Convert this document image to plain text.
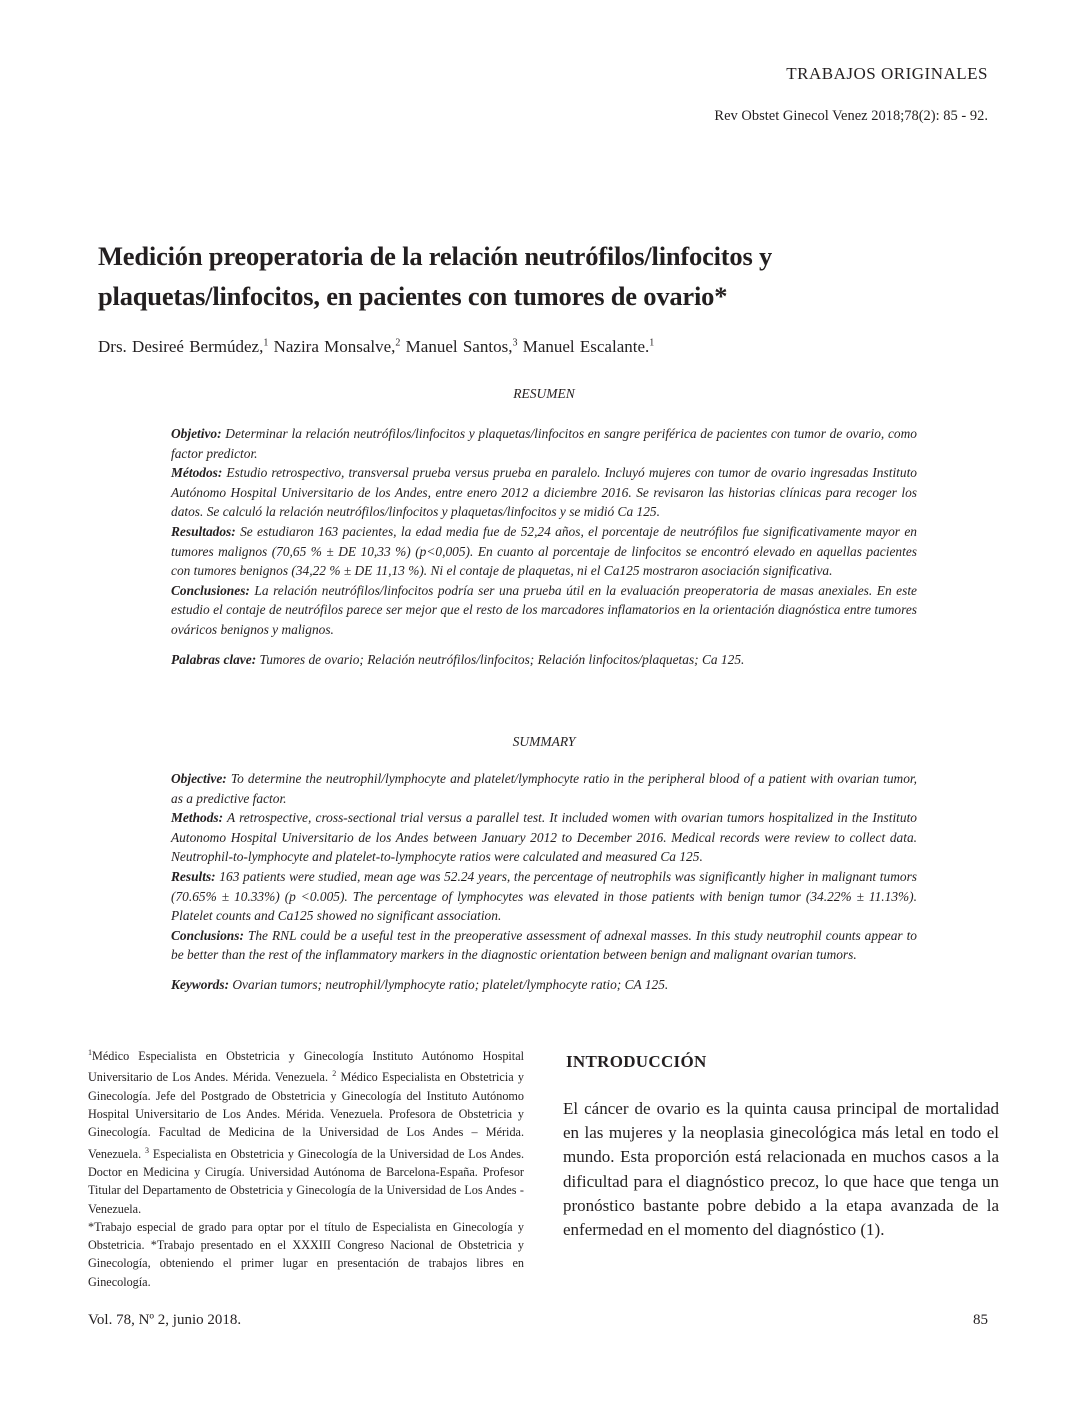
TRABAJOS ORIGINALES
Rev Obstet Ginecol Venez 2018;78(2): 85 - 92.
Medición preoperatoria de la relación neutrófilos/linfocitos y
plaquetas/linfocitos, en pacientes con tumores de ovario*
Drs. Desireé Bermúdez,$^1$ Nazira Monsalve,$^2$ Manuel Santos,$^3$ Manuel Escalante.$^1$
RESUMEN

Objetivo: Determinar la relación neutrófilos/linfocitos y plaquetas/linfocitos en sangre periférica de pacientes con tumor de ovario, como factor predictor.

Métodos: Estudio retrospectivo, transversal prueba versus prueba en paralelo. Incluyó mujeres con tumor de ovario ingresadas Instituto Autónomo Hospital Universitario de los Andes, entre enero 2012 a diciembre 2016. Se revisaron las historias clínicas para recoger los datos. Se calculó la relación neutrófilos/linfocitos y plaquetas/linfocitos y se midió Ca 125.

Resultados: Se estudiaron 163 pacientes, la edad media fue de 52,24 años, el porcentaje de neutrófilos fue significativamente mayor en tumores malignos (70,65 % ± DE 10,33 %) (p<0,005). En cuanto al porcentaje de linfocitos se encontró elevado en aquellas pacientes con tumores benignos (34,22 % ± DE 11,13 %). Ni el contaje de plaquetas, ni el Ca125 mostraron asociación significativa.

Conclusiones: La relación neutrófilos/linfocitos podría ser una prueba útil en la evaluación preoperatoria de masas anexiales. En este estudio el contaje de neutrófilos parece ser mejor que el resto de los marcadores inflamatorios en la orientación diagnóstica entre tumores ováricos benignos y malignos.

Palabras clave: Tumores de ovario; Relación neutrófilos/linfocitos; Relación linfocitos/plaquetas; Ca 125.

SUMMARY

Objective: To determine the neutrophil/lymphocyte and platelet/lymphocyte ratio in the peripheral blood of a patient with ovarian tumor, as a predictive factor.

Methods: A retrospective, cross-sectional trial versus a parallel test. It included women with ovarian tumors hospitalized in the Instituto Autonomo Hospital Universitario de los Andes between January 2012 to December 2016. Medical records were review to collect data. Neutrophil-to-lymphocyte and platelet-to-lymphocyte ratios were calculated and measured Ca 125.

Results: 163 patients were studied, mean age was 52.24 years, the percentage of neutrophils was significantly higher in malignant tumors (70.65% ± 10.33%) (p <0.005). The percentage of lymphocytes was elevated in those patients with benign tumor (34.22% ± 11.13%). Platelet counts and Ca125 showed no significant association.

Conclusions: The RNL could be a useful test in the preoperative assessment of adnexal masses. In this study neutrophil counts appear to be better than the rest of the inflammatory markers in the diagnostic orientation between benign and malignant ovarian tumors.

Keywords: Ovarian tumors; neutrophil/lymphocyte ratio; platelet/lymphocyte ratio; CA 125.

$^1$Médico Especialista en Obstetricia y Ginecología Instituto Autónomo Hospital Universitario de Los Andes. Mérida. Venezuela. $^2$ Médico Especialista en Obstetricia y Ginecología. Jefe del Postgrado de Obstetricia y Ginecología del Instituto Autónomo Hospital Universitario de Los Andes. Mérida. Venezuela. Profesora de Obstetricia y Ginecología. Facultad de Medicina de la Universidad de Los Andes – Mérida. Venezuela. $^3$ Especialista en Obstetricia y Ginecología de la Universidad de Los Andes. Doctor en Medicina y Cirugía. Universidad Autónoma de Barcelona-España. Profesor Titular del Departamento de Obstetricia y Ginecología de la Universidad de Los Andes - Venezuela.

*Trabajo especial de grado para optar por el título de Especialista en Ginecología y Obstetricia. *Trabajo presentado en el XXXIII Congreso Nacional de Obstetricia y Ginecología, obteniendo el primer lugar en presentación de trabajos libres en Ginecología.

INTRODUCCIÓN

El cáncer de ovario es la quinta causa principal de mortalidad en las mujeres y la neoplasia ginecológica más letal en todo el mundo. Esta proporción está relacionada en muchos casos a la dificultad para el diagnóstico precoz, lo que hace que tenga un pronóstico bastante pobre debido a la etapa avanzada de la enfermedad en el momento del diagnóstico (1).

Vol. 78, Nº 2, junio 2018.	85
